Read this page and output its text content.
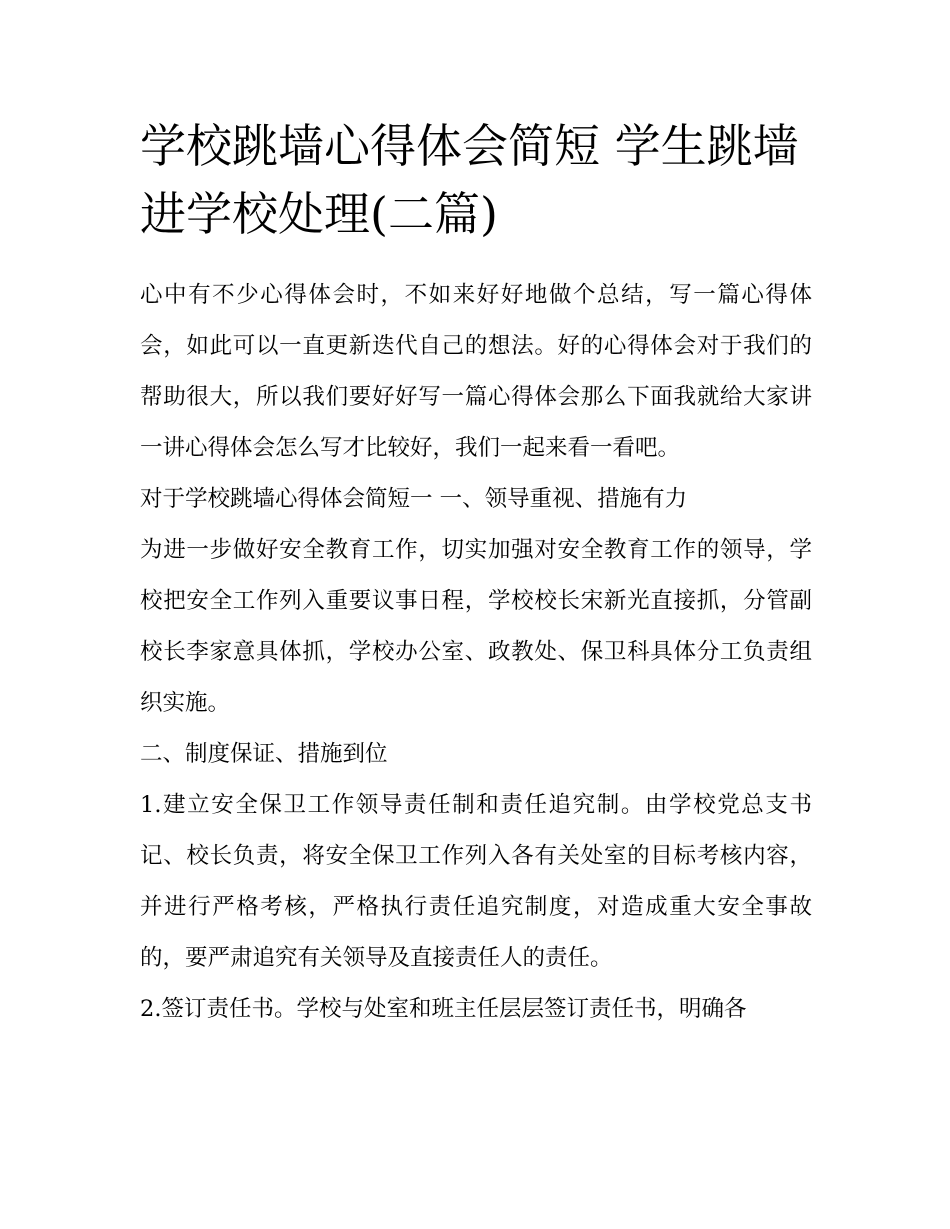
学校跳墙心得体会简短 学生跳墙进学校处理(二篇)

心中有不少心得体会时，不如来好好地做个总结，写一篇心得体会，如此可以一直更新迭代自己的想法。好的心得体会对于我们的帮助很大，所以我们要好好写一篇心得体会那么下面我就给大家讲一讲心得体会怎么写才比较好，我们一起来看一看吧。

对于学校跳墙心得体会简短一 一、领导重视、措施有力

为进一步做好安全教育工作，切实加强对安全教育工作的领导，学校把安全工作列入重要议事日程，学校校长宋新光直接抓，分管副校长李家意具体抓，学校办公室、政教处、保卫科具体分工负责组织实施。

二、制度保证、措施到位

1.建立安全保卫工作领导责任制和责任追究制。由学校党总支书记、校长负责，将安全保卫工作列入各有关处室的目标考核内容，并进行严格考核，严格执行责任追究制度，对造成重大安全事故的，要严肃追究有关领导及直接责任人的责任。

2.签订责任书。学校与处室和班主任层层签订责任书，明确各
